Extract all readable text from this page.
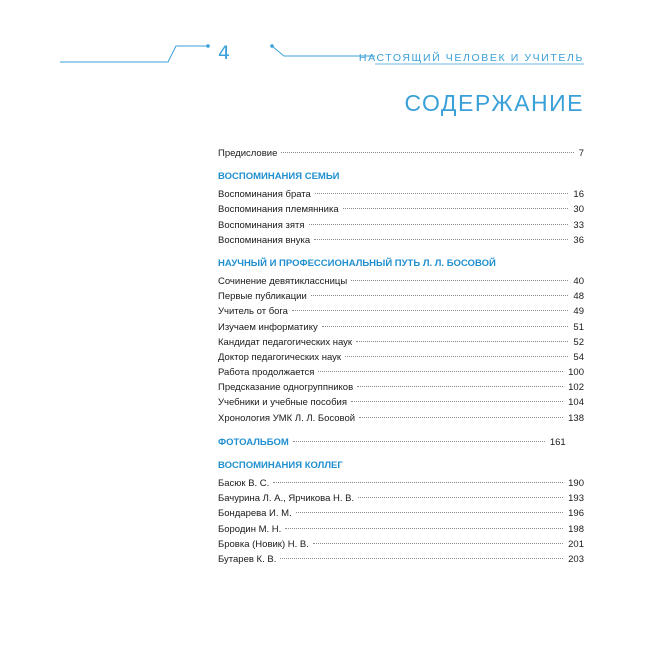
4	НАСТОЯЩИЙ ЧЕЛОВЕК И УЧИТЕЛЬ
СОДЕРЖАНИЕ
Предисловие	7
ВОСПОМИНАНИЯ СЕМЬИ
Воспоминания брата	16
Воспоминания племянника	30
Воспоминания зятя	33
Воспоминания внука	36
НАУЧНЫЙ И ПРОФЕССИОНАЛЬНЫЙ ПУТЬ Л. Л. БОСОВОЙ
Сочинение девятиклассницы	40
Первые публикации	48
Учитель от бога	49
Изучаем информатику	51
Кандидат педагогических наук	52
Доктор педагогических наук	54
Работа продолжается	100
Предсказание одногруппников	102
Учебники и учебные пособия	104
Хронология УМК Л. Л. Босовой	138
ФОТОАЛЬБОМ	161
ВОСПОМИНАНИЯ КОЛЛЕГ
Басюк В. С.	190
Бачурина Л. А., Ярчикова Н. В.	193
Бондарева И. М.	196
Бородин М. Н.	198
Бровка (Новик) Н. В.	201
Бутарев К. В.	203
